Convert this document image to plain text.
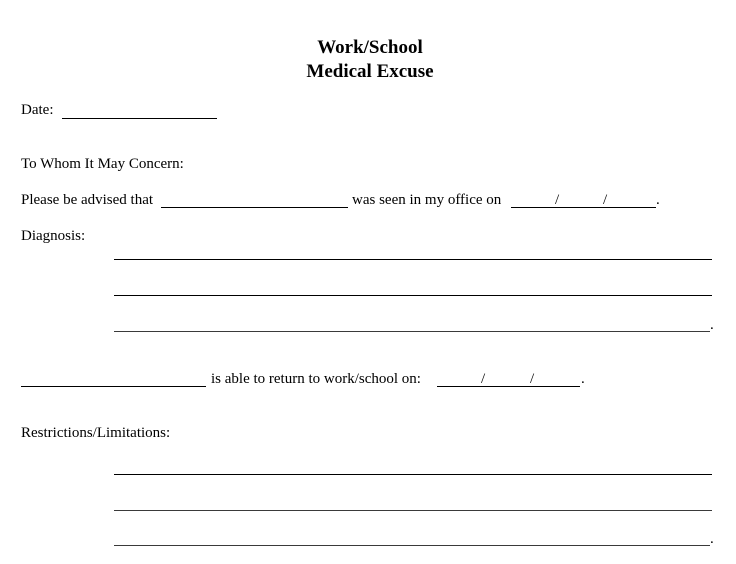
Work/School
Medical Excuse
Date:
To Whom It May Concern:
Please be advised that	was seen in my office on	/	/	.
Diagnosis:
.
is able to return to work/school on:	/	/	.
Restrictions/Limitations:
.
